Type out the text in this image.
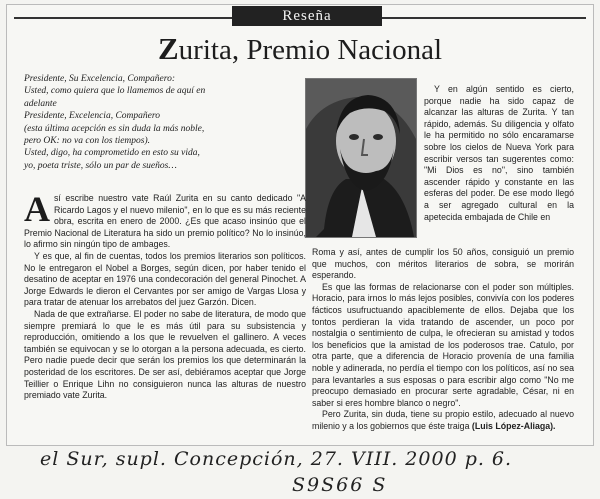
Reseña
Zurita, Premio Nacional
Presidente, Su Excelencia, Compañero:
Usted, como quiera que lo llamemos de aquí en
adelante
Presidente, Excelencia, Compañero
(esta última acepción es sin duda la más noble,
pero OK: no va con los tiempos).
Usted, digo, ha comprometido en esto su vida,
yo, poeta triste, sólo un par de sueños…

Así escribe nuestro vate Raúl Zurita en su canto dedicado "A Ricardo Lagos y el nuevo milenio", en lo que es su más reciente obra, escrita en enero de 2000. ¿Es que acaso insinúo que el Premio Nacional de Literatura ha sido un premio político? No lo insinúo, lo afirmo sin ningún tipo de ambages.

Y es que, al fin de cuentas, todos los premios literarios son políticos. No le entregaron el Nobel a Borges, según dicen, por haber tenido el desatino de aceptar en 1976 una condecoración del general Pinochet. A Jorge Edwards le dieron el Cervantes por ser amigo de Vargas Llosa y para tratar de atenuar los arrebatos del juez Garzón. Dicen.

Nada de que extrañarse. El poder no sabe de literatura, de modo que siempre premiará lo que le es más útil para su subsistencia y reproducción, omitiendo a los que le revuelven el gallinero. A veces también se equivocan y se lo otorgan a la persona adecuada, es cierto. Pero nadie puede decir que serán los premios los que determinarán la posteridad de los escritores. De ser así, debiéramos aceptar que Jorge Teillier o Enrique Lihn no consiguieron nunca las alturas de nuestro premiado vate Zurita.

Y en algún sentido es cierto, porque nadie ha sido capaz de alcanzar las alturas de Zurita. Y tan rápido, además. Su diligencia y olfato le ha permitido no sólo encaramarse sobre los cielos de Nueva York para escribir versos tan sugerentes como: "Mi Dios es no", sino también ascender rápido y constante en las esferas del poder. De ese modo llegó a ser agregado cultural en la apetecida embajada de Chile en

Roma y así, antes de cumplir los 50 años, consiguió un premio que muchos, con méritos literarios de sobra, se morirán esperando.

Es que las formas de relacionarse con el poder son múltiples. Horacio, para irnos lo más lejos posibles, convivía con los poderes fácticos usufructuando apaciblemente de ellos. Dejaba que los tontos perdieran la vida tratando de ascender, un poco por nostalgia o sentimiento de culpa, le ofrecieran su amistad y todos los beneficios que la amistad de los poderosos trae. Catulo, por otra parte, que a diferencia de Horacio provenía de una familia noble y adinerada, no perdía el tiempo con los políticos, así no sea para levantarles a sus esposas o para escribir algo como "No me preocupo demasiado en procurar serte agradable, César, ni en saber si eres hombre blanco o negro".

Pero Zurita, sin duda, tiene su propio estilo, adecuado al nuevo milenio y a los gobiernos que éste traiga (Luis López-Aliaga).

el Sur, supl. Concepción, 27. VIII. 2000 p. 6.
S9S66 S
